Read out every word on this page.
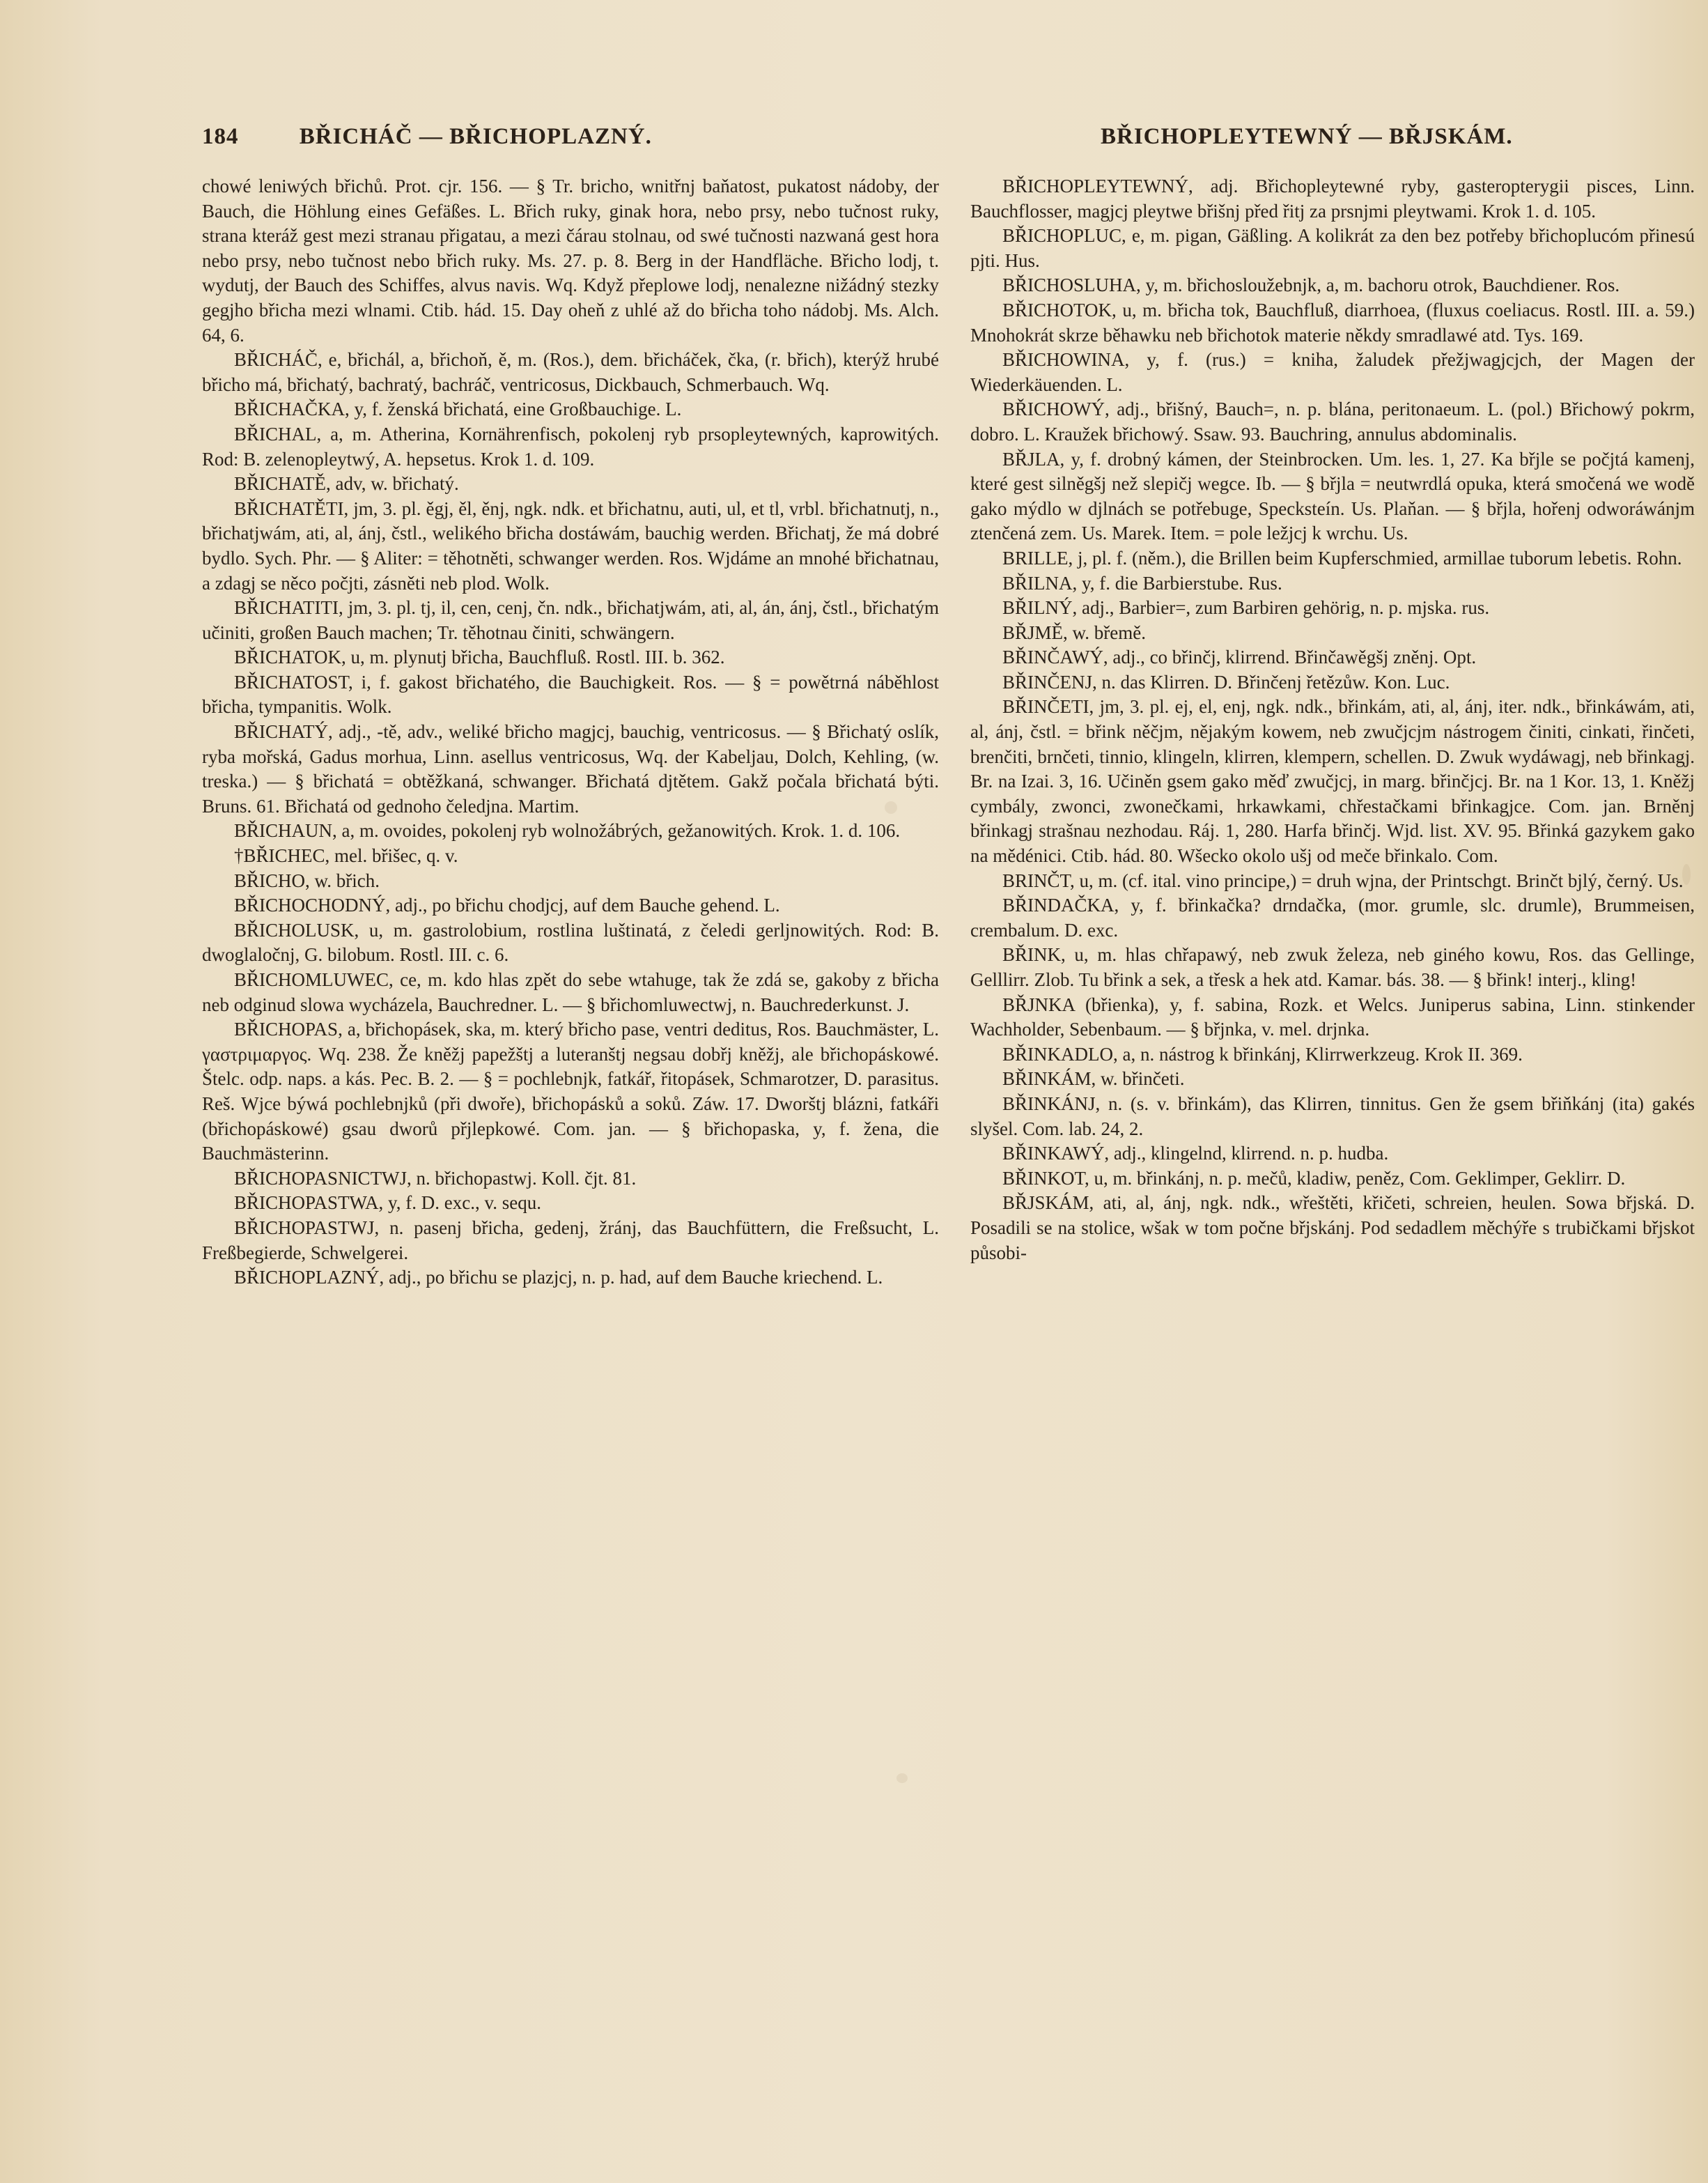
184	BŘICHÁČ — BŘICHOPLAZNÝ.	BŘICHOPLEYTEWNÝ — BŘJSKÁM.

chowé leniwých břichů. Prot. cjr. 156. — § Tr. bricho, wnitřnj baňatost, pukatost nádoby, der Bauch, die Höhlung eines Gefäßes. L. Břich ruky, ginak hora, nebo prsy, nebo tučnost ruky, strana kteráž gest mezi stranau přigatau, a mezi čárau stolnau, od swé tučnosti nazwaná gest hora nebo prsy, nebo tučnost nebo břich ruky. Ms. 27. p. 8. Berg in der Handfläche. Břicho lodj, t. wydutj, der Bauch des Schiffes, alvus navis. Wq. Když přeplowe lodj, nenalezne nižádný stezky gegjho břicha mezi wlnami. Ctib. hád. 15. Day oheň z uhlé až do břicha toho nádobj. Ms. Alch. 64, 6.

BŘICHÁČ, e, břichál, a, břichoň, ě, m. (Ros.), dem. břicháček, čka, (r. břich), kterýž hrubé břicho má, břichatý, bachratý, bachráč, ventricosus, Dickbauch, Schmerbauch. Wq.

BŘICHAČKA, y, f. ženská břichatá, eine Großbauchige. L.

BŘICHAL, a, m. Atherina, Kornährenfisch, pokolenj ryb prsopleytewných, kaprowitých. Rod: B. zelenopleytwý, A. hepsetus. Krok 1. d. 109.

BŘICHATĚ, adv, w. břichatý.

BŘICHATĚTI, jm, 3. pl. ěgj, ěl, ěnj, ngk. ndk. et břichatnu, auti, ul, et tl, vrbl. břichatnutj, n., břichatjwám, ati, al, ánj, čstl., welikého břicha dostáwám, bauchig werden. Břichatj, že má dobré bydlo. Sych. Phr. — § Aliter: = těhotněti, schwanger werden. Ros. Wjdáme an mnohé břichatnau, a zdagj se něco počjti, zásněti neb plod. Wolk.

BŘICHATITI, jm, 3. pl. tj, il, cen, cenj, čn. ndk., břichatjwám, ati, al, án, ánj, čstl., břichatým učiniti, großen Bauch machen; Tr. těhotnau činiti, schwängern.

BŘICHATOK, u, m. plynutj břicha, Bauchfluß. Rostl. III. b. 362.

BŘICHATOST, i, f. gakost břichatého, die Bauchigkeit. Ros. — § = powětrná náběhlost břicha, tympanitis. Wolk.

BŘICHATÝ, adj., -tě, adv., weliké břicho magjcj, bauchig, ventricosus. — § Břichatý oslík, ryba mořská, Gadus morhua, Linn. asellus ventricosus, Wq. der Kabeljau, Dolch, Kehling, (w. treska.) — § břichatá = obtěžkaná, schwanger. Břichatá djtětem. Gakž počala břichatá býti. Bruns. 61. Břichatá od gednoho čeledjna. Martim.

BŘICHAUN, a, m. ovoides, pokolenj ryb wolnožábrých, gežanowitých. Krok. 1. d. 106.

†BŘICHEC, mel. břišec, q. v.

BŘICHO, w. břich.

BŘICHOCHODNÝ, adj., po břichu chodjcj, auf dem Bauche gehend. L.

BŘICHOLUSK, u, m. gastrolobium, rostlina luštinatá, z čeledi gerljnowitých. Rod: B. dwoglaločnj, G. bilobum. Rostl. III. c. 6.

BŘICHOMLUWEC, ce, m. kdo hlas zpět do sebe wtahuge, tak že zdá se, gakoby z břicha neb odginud slowa wycházela, Bauchredner. L. — § břichomluwectwj, n. Bauchrederkunst. J.

BŘICHOPAS, a, břichopásek, ska, m. který břicho pase, ventri deditus, Ros. Bauchmäster, L. γαστριμαργος. Wq. 238. Že kněžj papežštj a luteranštj negsau dobřj kněžj, ale břichopáskowé. Štelc. odp. naps. a kás. Pec. B. 2. — § = pochlebnjk, fatkář, řitopásek, Schmarotzer, D. parasitus. Reš. Wjce býwá pochlebnjků (při dwoře), břichopásků a soků. Záw. 17. Dworštj blázni, fatkáři (břichopáskowé) gsau dworů přjlepkowé. Com. jan. — § břichopaska, y, f. žena, die Bauchmästerinn.

BŘICHOPASNICTWJ, n. břichopastwj. Koll. čjt. 81.

BŘICHOPASTWA, y, f. D. exc., v. sequ.

BŘICHOPASTWJ, n. pasenj břicha, gedenj, žránj, das Bauchfüttern, die Freßsucht, L. Freßbegierde, Schwelgerei.

BŘICHOPLAZNÝ, adj., po břichu se plazjcj, n. p. had, auf dem Bauche kriechend. L.

BŘICHOPLEYTEWNÝ, adj. Břichopleytewné ryby, gasteropterygii pisces, Linn. Bauchflosser, magjcj pleytwe břišnj před řitj za prsnjmi pleytwami. Krok 1. d. 105.

BŘICHOPLUC, e, m. pigan, Gäßling. A kolikrát za den bez potřeby břichoplucóm přinesú pjti. Hus.

BŘICHOSLUHA, y, m. břichosloužebnjk, a, m. bachoru otrok, Bauchdiener. Ros.

BŘICHOTOK, u, m. břicha tok, Bauchfluß, diarrhoea, (fluxus coeliacus. Rostl. III. a. 59.) Mnohokrát skrze běhawku neb břichotok materie někdy smradlawé atd. Tys. 169.

BŘICHOWINA, y, f. (rus.) = kniha, žaludek přežjwagjcjch, der Magen der Wiederkäuenden. L.

BŘICHOWÝ, adj., břišný, Bauch=, n. p. blána, peritonaeum. L. (pol.) Břichowý pokrm, dobro. L. Kraužek břichowý. Ssaw. 93. Bauchring, annulus abdominalis.

BŘJLA, y, f. drobný kámen, der Steinbrocken. Um. les. 1, 27. Ka břjle se počjtá kamenj, které gest silněgšj než slepičj wegce. Ib. — § břjla = neutwrdlá opuka, která smočená we wodě gako mýdlo w djlnách se potřebuge, Specksteín. Us. Plaňan. — § břjla, hořenj odworáwánjm ztenčená zem. Us. Marek. Item. = pole ležjcj k wrchu. Us.

BRILLE, j, pl. f. (něm.), die Brillen beim Kupferschmied, armillae tuborum lebetis. Rohn.

BŘILNA, y, f. die Barbierstube. Rus.

BŘILNÝ, adj., Barbier=, zum Barbiren gehörig, n. p. mjska. rus.

BŘJMĚ, w. břemě.

BŘINČAWÝ, adj., co břinčj, klirrend. Břinčawěgšj zněnj. Opt.

BŘINČENJ, n. das Klirren. D. Břinčenj řetězůw. Kon. Luc.

BŘINČETI, jm, 3. pl. ej, el, enj, ngk. ndk., břinkám, ati, al, ánj, iter. ndk., břinkáwám, ati, al, ánj, čstl. = břink něčjm, nějakým kowem, neb zwučjcjm nástrogem činiti, cinkati, řinčeti, brenčiti, brnčeti, tinnio, klingeln, klirren, klempern, schellen. D. Zwuk wydáwagj, neb břinkagj. Br. na Izai. 3, 16. Učiněn gsem gako měď zwučjcj, in marg. břinčjcj. Br. na 1 Kor. 13, 1. Kněžj cymbály, zwonci, zwonečkami, hrkawkami, chřestačkami břinkagjce. Com. jan. Brněnj břinkagj strašnau nezhodau. Ráj. 1, 280. Harfa břinčj. Wjd. list. XV. 95. Břinká gazykem gako na mědénici. Ctib. hád. 80. Wšecko okolo ušj od meče břinkalo. Com.

BRINČT, u, m. (cf. ital. vino principe,) = druh wjna, der Printschgt. Brinčt bjlý, černý. Us.

BŘINDAČKA, y, f. břinkačka? drndačka, (mor. grumle, slc. drumle), Brummeisen, crembalum. D. exc.

BŘINK, u, m. hlas chřapawý, neb zwuk železa, neb giného kowu, Ros. das Gellinge, Gelllirr. Zlob. Tu břink a sek, a třesk a hek atd. Kamar. bás. 38. — § břink! interj., kling!

BŘJNKA (břienka), y, f. sabina, Rozk. et Welcs. Juniperus sabina, Linn. stinkender Wachholder, Sebenbaum. — § břjnka, v. mel. drjnka.

BŘINKADLO, a, n. nástrog k břinkánj, Klirrwerkzeug. Krok II. 369.

BŘINKÁM, w. břinčeti.

BŘINKÁNJ, n. (s. v. břinkám), das Klirren, tinnitus. Gen že gsem břiňkánj (ita) gakés slyšel. Com. lab. 24, 2.

BŘINKAWÝ, adj., klingelnd, klirrend. n. p. hudba.

BŘINKOT, u, m. břinkánj, n. p. mečů, kladiw, peněz, Com. Geklimper, Geklirr. D.

BŘJSKÁM, ati, al, ánj, ngk. ndk., wřeštěti, křičeti, schreien, heulen. Sowa břjská. D. Posadili se na stolice, wšak w tom počne břjskánj. Pod sedadlem měchýře s trubičkami břjskot působi-
